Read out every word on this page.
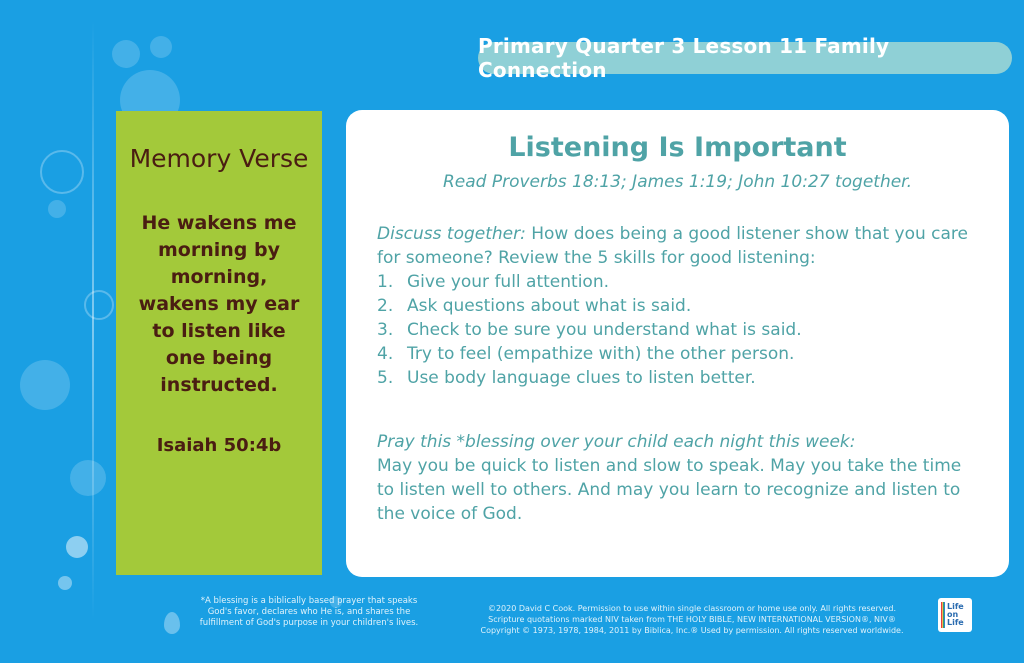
Primary Quarter 3 Lesson 11 Family Connection
Memory Verse
He wakens me morning by morning, wakens my ear to listen like one being instructed.
Isaiah 50:4b
Listening Is Important
Read Proverbs 18:13; James 1:19; John 10:27 together.
Discuss together: How does being a good listener show that you care for someone? Review the 5 skills for good listening:
1. Give your full attention.
2. Ask questions about what is said.
3. Check to be sure you understand what is said.
4. Try to feel (empathize with) the other person.
5. Use body language clues to listen better.
Pray this *blessing over your child each night this week:
May you be quick to listen and slow to speak. May you take the time to listen well to others. And may you learn to recognize and listen to the voice of God.
*A blessing is a biblically based prayer that speaks God's favor, declares who He is, and shares the fulfillment of God's purpose in your children's lives.
©2020 David C Cook. Permission to use within single classroom or home use only. All rights reserved.
Scripture quotations marked NIV taken from THE HOLY BIBLE, NEW INTERNATIONAL VERSION®, NIV®
Copyright © 1973, 1978, 1984, 2011 by Biblica, Inc.® Used by permission. All rights reserved worldwide.
Life on Life
